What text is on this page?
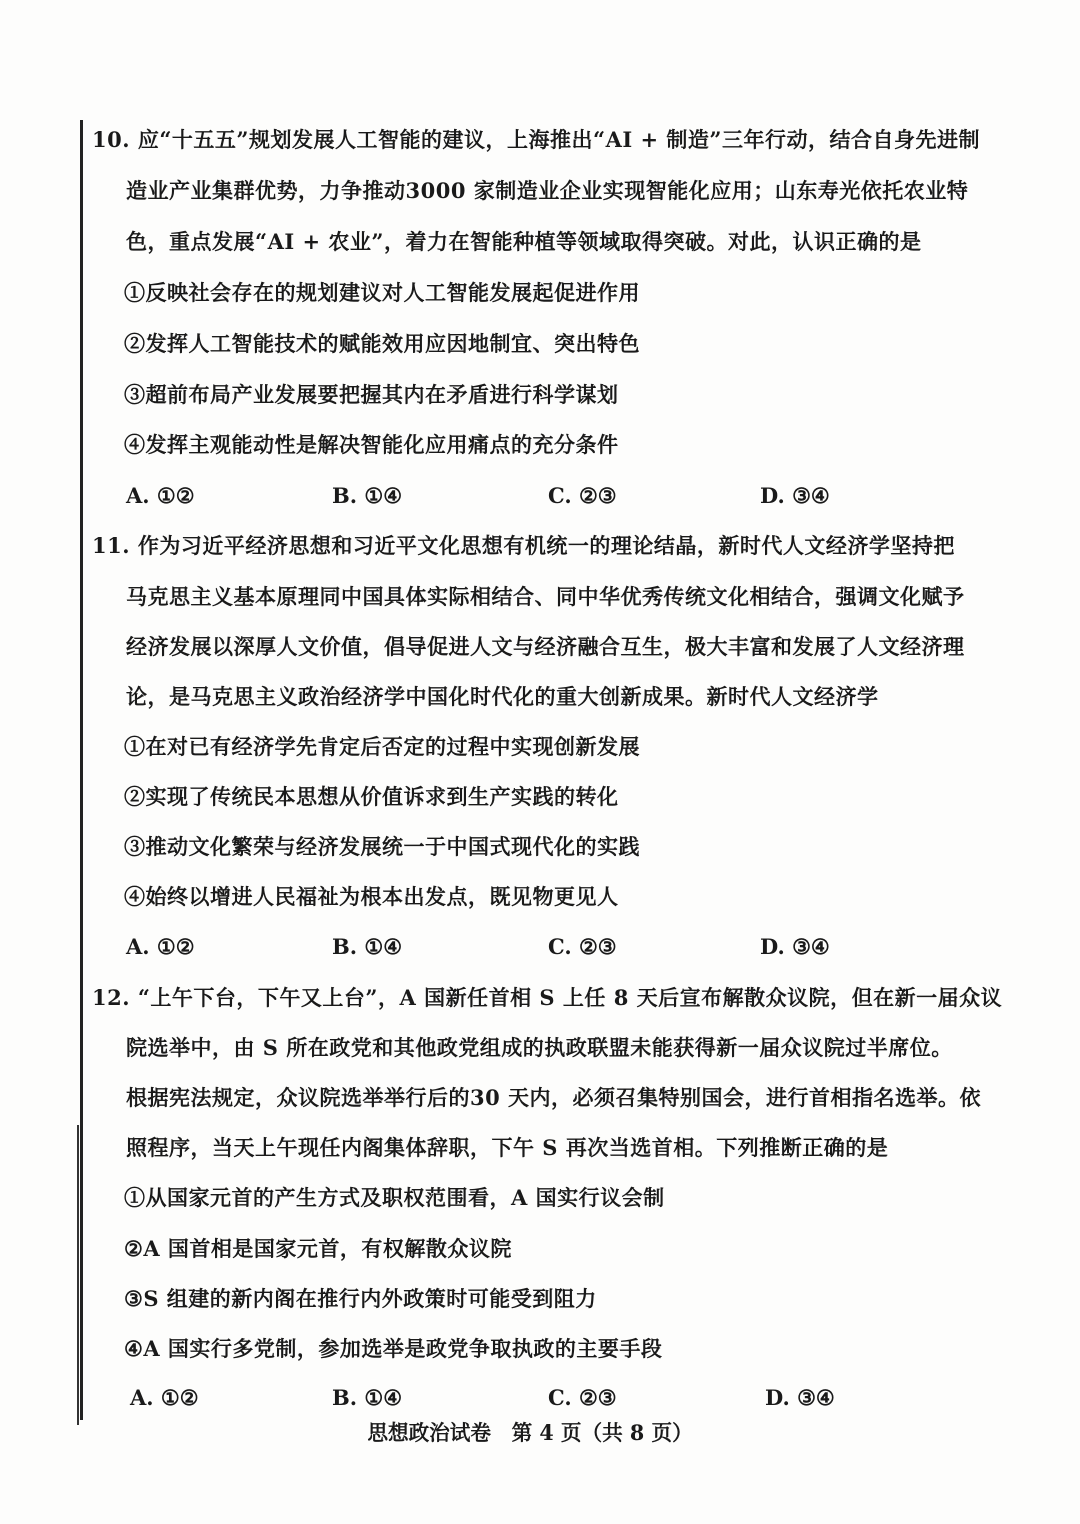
10. 应“十五五”规划发展人工智能的建议，上海推出“AI + 制造”三年行动，结合自身先进制
造业产业集群优势，力争推动3000 家制造业企业实现智能化应用；山东寿光依托农业特
色，重点发展“AI + 农业”，着力在智能种植等领域取得突破。对此，认识正确的是
①反映社会存在的规划建议对人工智能发展起促进作用
②发挥人工智能技术的赋能效用应因地制宜、突出特色
③超前布局产业发展要把握其内在矛盾进行科学谋划
④发挥主观能动性是解决智能化应用痛点的充分条件
A. ①②	B. ①④	C. ②③	D. ③④
11. 作为习近平经济思想和习近平文化思想有机统一的理论结晶，新时代人文经济学坚持把
马克思主义基本原理同中国具体实际相结合、同中华优秀传统文化相结合，强调文化赋予
经济发展以深厚人文价值，倡导促进人文与经济融合互生，极大丰富和发展了人文经济理
论，是马克思主义政治经济学中国化时代化的重大创新成果。新时代人文经济学
①在对已有经济学先肯定后否定的过程中实现创新发展
②实现了传统民本思想从价值诉求到生产实践的转化
③推动文化繁荣与经济发展统一于中国式现代化的实践
④始终以增进人民福祉为根本出发点，既见物更见人
A. ①②	B. ①④	C. ②③	D. ③④
12. “上午下台，下午又上台”，A 国新任首相 S 上任 8 天后宣布解散众议院，但在新一届众议
院选举中，由 S 所在政党和其他政党组成的执政联盟未能获得新一届众议院过半席位。
根据宪法规定，众议院选举举行后的30 天内，必须召集特别国会，进行首相指名选举。依
照程序，当天上午现任内阁集体辞职，下午 S 再次当选首相。下列推断正确的是
①从国家元首的产生方式及职权范围看，A 国实行议会制
②A 国首相是国家元首，有权解散众议院
③S 组建的新内阁在推行内外政策时可能受到阻力
④A 国实行多党制，参加选举是政党争取执政的主要手段
A. ①②	B. ①④	C. ②③	D. ③④
思想政治试卷　第 4 页（共 8 页）
